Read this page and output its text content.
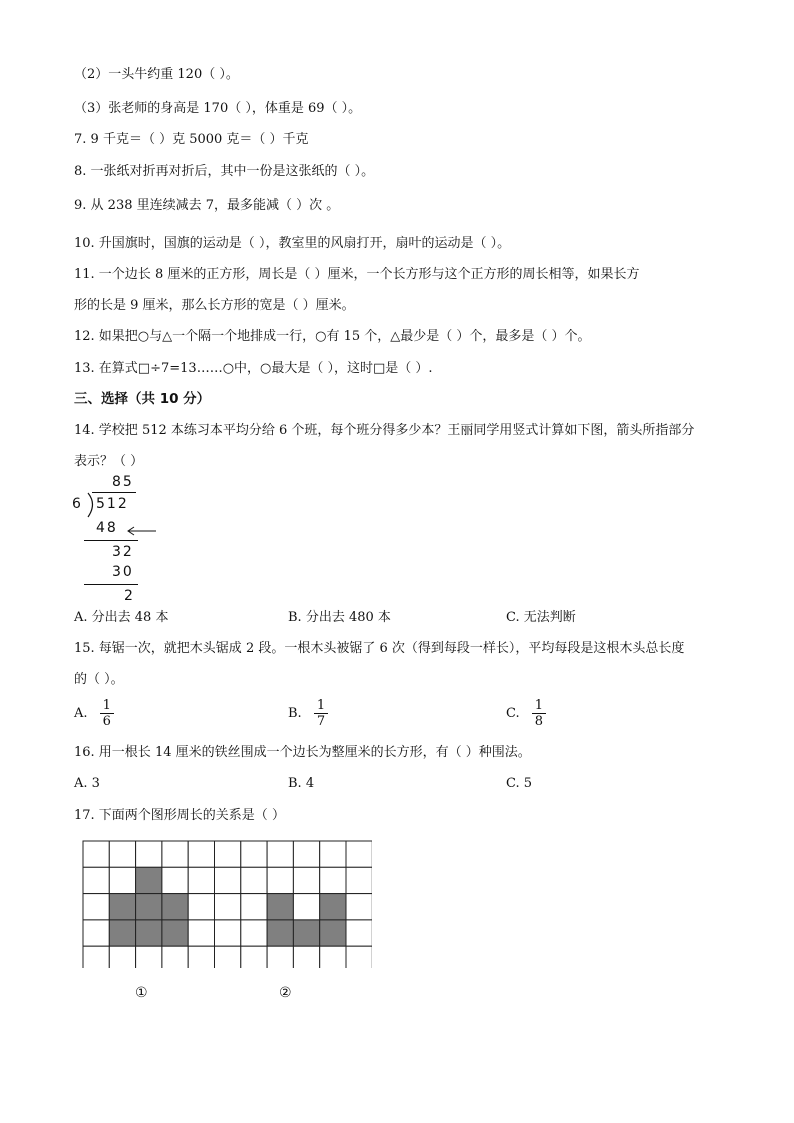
（2）一头牛约重 120（ ）。
（3）张老师的身高是 170（ ），体重是 69（ ）。
7. 9 千克＝（ ）克 5000 克＝（ ）千克
8. 一张纸对折再对折后，其中一份是这张纸的（ ）。
9. 从 238 里连续减去 7，最多能减（ ）次 。
10. 升国旗时，国旗的运动是（ ），教室里的风扇打开，扇叶的运动是（ ）。
11. 一个边长 8 厘米的正方形，周长是（ ）厘米，一个长方形与这个正方形的周长相等，如果长方
形的长是 9 厘米，那么长方形的宽是（ ）厘米。
12. 如果把○与△一个隔一个地排成一行，○有 15 个，△最少是（ ）个，最多是（ ）个。
13. 在算式□÷7=13……○中，○最大是（ ），这时□是（ ）.
三、选择（共 10 分）
14. 学校把 512 本练习本平均分给 6 个班，每个班分得多少本？王丽同学用竖式计算如下图，箭头所指部分
表示？（ ）
85
6 512
48
32
30
2
A. 分出去 48 本	B. 分出去 480 本	C. 无法判断
15. 每锯一次，就把木头锯成 2 段。一根木头被锯了 6 次（得到每段一样长），平均每段是这根木头总长度
的（ ）。
A. $\frac{1}{6}$	B. $\frac{1}{7}$	C. $\frac{1}{8}$
16. 用一根长 14 厘米的铁丝围成一个边长为整厘米的长方形，有（ ）种围法。
A. 3	B. 4	C. 5
17. 下面两个图形周长的关系是（ ）
①	②
